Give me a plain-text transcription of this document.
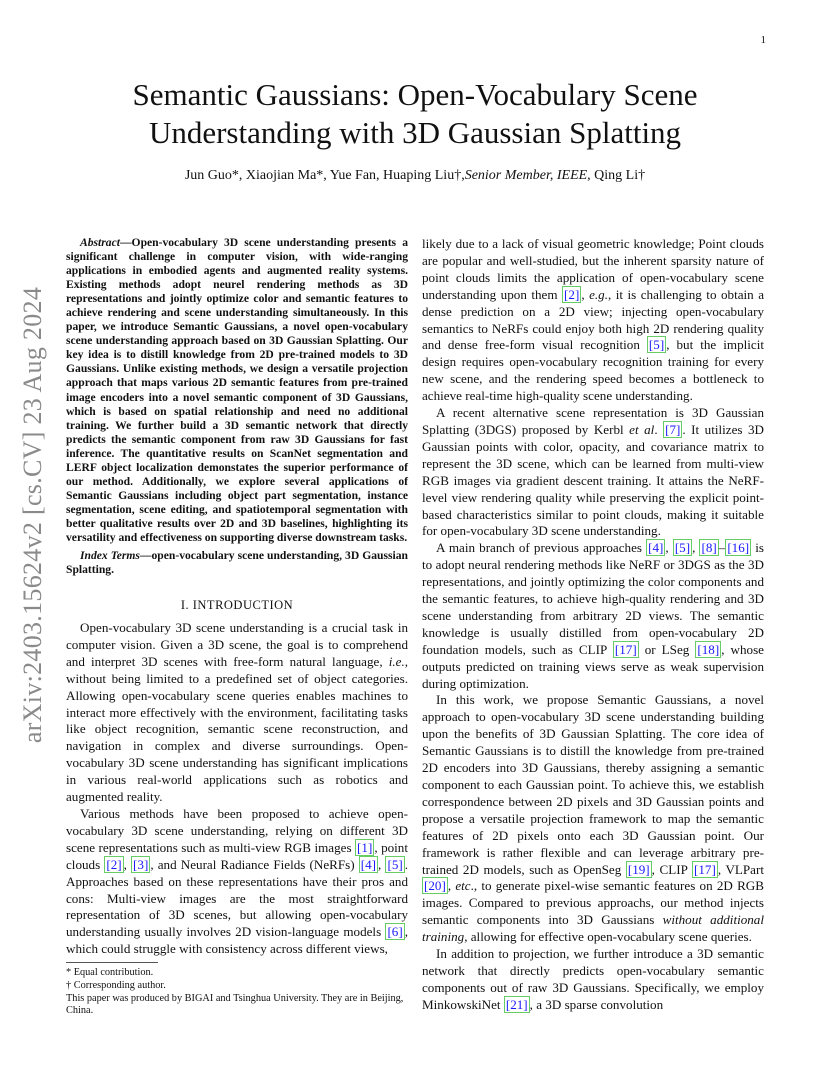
1
arXiv:2403.15624v2 [cs.CV] 23 Aug 2024
Semantic Gaussians: Open-Vocabulary Scene
Understanding with 3D Gaussian Splatting
Jun Guo*, Xiaojian Ma*, Yue Fan, Huaping Liu†,Senior Member, IEEE, Qing Li†

Abstract—Open-vocabulary 3D scene understanding presents a significant challenge in computer vision, with wide-ranging applications in embodied agents and augmented reality systems. Existing methods adopt neurel rendering methods as 3D representations and jointly optimize color and semantic features to achieve rendering and scene understanding simultaneously. In this paper, we introduce Semantic Gaussians, a novel open-vocabulary scene understanding approach based on 3D Gaussian Splatting. Our key idea is to distill knowledge from 2D pre-trained models to 3D Gaussians. Unlike existing methods, we design a versatile projection approach that maps various 2D semantic features from pre-trained image encoders into a novel semantic component of 3D Gaussians, which is based on spatial relationship and need no additional training. We further build a 3D semantic network that directly predicts the semantic component from raw 3D Gaussians for fast inference. The quantitative results on ScanNet segmentation and LERF object localization demonstates the superior performance of our method. Additionally, we explore several applications of Semantic Gaussians including object part segmentation, instance segmentation, scene editing, and spatiotemporal segmentation with better qualitative results over 2D and 3D baselines, highlighting its versatility and effectiveness on supporting diverse downstream tasks.

Index Terms—open-vocabulary scene understanding, 3D Gaussian Splatting.

I. INTRODUCTION

Open-vocabulary 3D scene understanding is a crucial task in computer vision. Given a 3D scene, the goal is to comprehend and interpret 3D scenes with free-form natural language, i.e., without being limited to a predefined set of object categories. Allowing open-vocabulary scene queries enables machines to interact more effectively with the environment, facilitating tasks like object recognition, semantic scene reconstruction, and navigation in complex and diverse surroundings. Open-vocabulary 3D scene understanding has significant implications in various real-world applications such as robotics and augmented reality.

Various methods have been proposed to achieve open-vocabulary 3D scene understanding, relying on different 3D scene representations such as multi-view RGB images [1] , point clouds [2] , [3] , and Neural Radiance Fields (NeRFs) [4] , [5] . Approaches based on these representations have their pros and cons: Multi-view images are the most straightforward representation of 3D scenes, but allowing open-vocabulary understanding usually involves 2D vision-language models [6] , which could struggle with consistency across different views,

* Equal contribution.

† Corresponding author.

This paper was produced by BIGAI and Tsinghua University. They are in Beijing, China.

likely due to a lack of visual geometric knowledge; Point clouds are popular and well-studied, but the inherent sparsity nature of point clouds limits the application of open-vocabulary scene understanding upon them [2] , e.g., it is challenging to obtain a dense prediction on a 2D view; injecting open-vocabulary semantics to NeRFs could enjoy both high 2D rendering quality and dense free-form visual recognition [5] , but the implicit design requires open-vocabulary recognition training for every new scene, and the rendering speed becomes a bottleneck to achieve real-time high-quality scene understanding.

A recent alternative scene representation is 3D Gaussian Splatting (3DGS) proposed by Kerbl et al. [7] . It utilizes 3D Gaussian points with color, opacity, and covariance matrix to represent the 3D scene, which can be learned from multi-view RGB images via gradient descent training. It attains the NeRF-level view rendering quality while preserving the explicit point-based characteristics similar to point clouds, making it suitable for open-vocabulary 3D scene understanding.

A main branch of previous approaches [4] , [5] , [8] – [16] is to adopt neural rendering methods like NeRF or 3DGS as the 3D representations, and jointly optimizing the color components and the semantic features, to achieve high-quality rendering and 3D scene understanding from arbitrary 2D views. The semantic knowledge is usually distilled from open-vocabulary 2D foundation models, such as CLIP [17] or LSeg [18] , whose outputs predicted on training views serve as weak supervision during optimization.

In this work, we propose Semantic Gaussians, a novel approach to open-vocabulary 3D scene understanding building upon the benefits of 3D Gaussian Splatting. The core idea of Semantic Gaussians is to distill the knowledge from pre-trained 2D encoders into 3D Gaussians, thereby assigning a semantic component to each Gaussian point. To achieve this, we establish correspondence between 2D pixels and 3D Gaussian points and propose a versatile projection framework to map the semantic features of 2D pixels onto each 3D Gaussian point. Our framework is rather flexible and can leverage arbitrary pre-trained 2D models, such as OpenSeg [19] , CLIP [17] , VLPart [20] , etc., to generate pixel-wise semantic features on 2D RGB images. Compared to previous approachs, our method injects semantic components into 3D Gaussians without additional training, allowing for effective open-vocabulary scene queries.

In addition to projection, we further introduce a 3D semantic network that directly predicts open-vocabulary semantic components out of raw 3D Gaussians. Specifically, we employ MinkowskiNet [21] , a 3D sparse convolution
